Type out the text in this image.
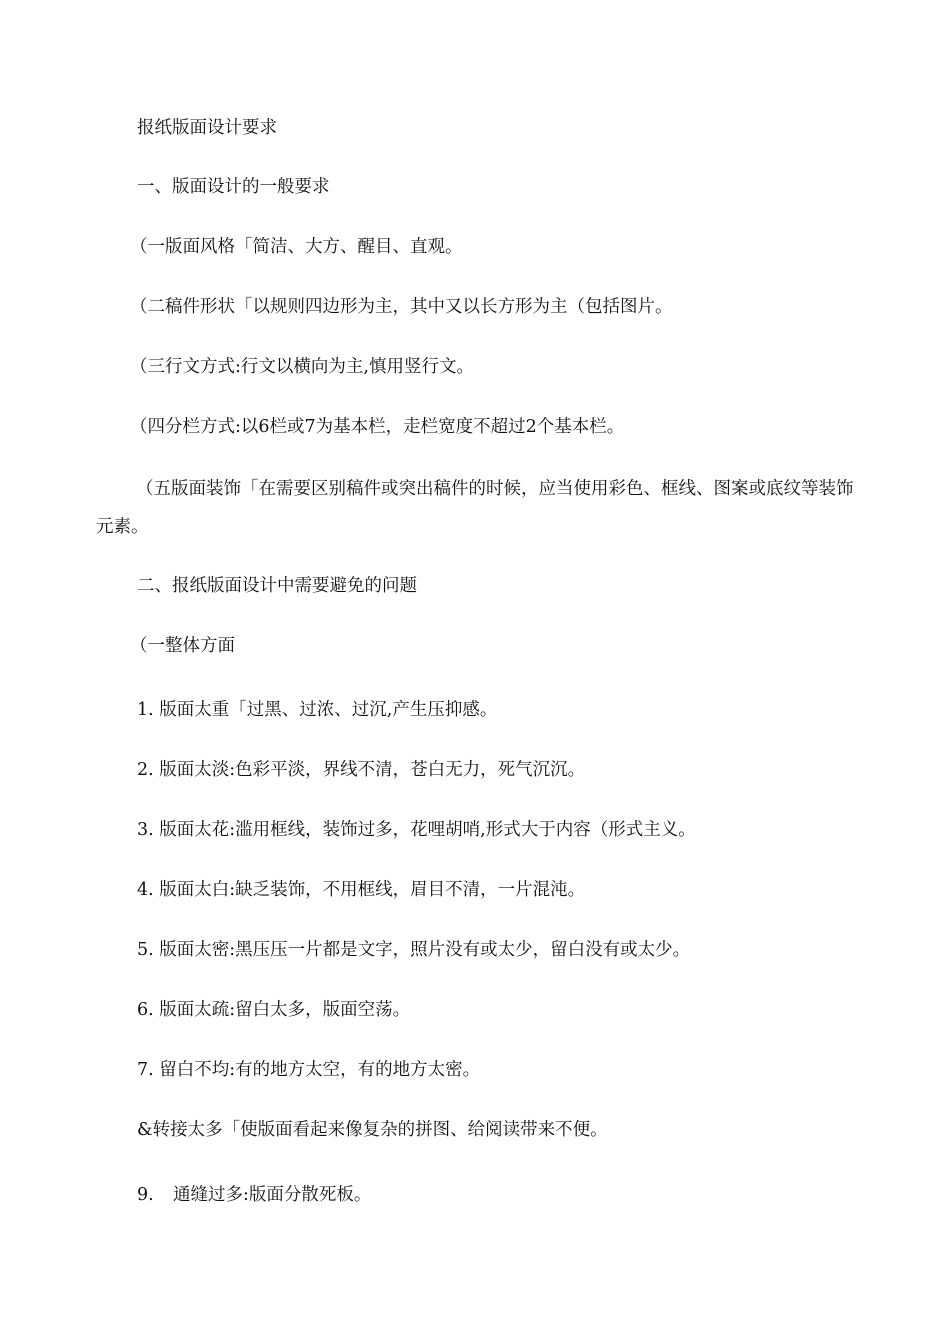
报纸版面设计要求

一、版面设计的一般要求

（一版面风格「简洁、大方、醒目、直观。

（二稿件形状「以规则四边形为主，其中又以长方形为主（包括图片。

（三行文方式:行文以横向为主,慎用竖行文。

（四分栏方式:以6栏或7为基本栏，走栏宽度不超过2个基本栏。

（五版面装饰「在需要区别稿件或突出稿件的时候，应当使用彩色、框线、图案或底纹等装饰元素。

二、报纸版面设计中需要避免的问题

（一整体方面

1. 版面太重「过黑、过浓、过沉,产生压抑感。

2. 版面太淡:色彩平淡，界线不清，苍白无力，死气沉沉。

3. 版面太花:滥用框线，装饰过多，花哩胡哨,形式大于内容（形式主义。

4. 版面太白:缺乏装饰，不用框线，眉目不清，一片混沌。

5. 版面太密:黑压压一片都是文字，照片没有或太少，留白没有或太少。

6. 版面太疏:留白太多，版面空荡。

7. 留白不均:有的地方太空，有的地方太密。

&转接太多「使版面看起来像复杂的拼图、给阅读带来不便。

9. 通缝过多:版面分散死板。
